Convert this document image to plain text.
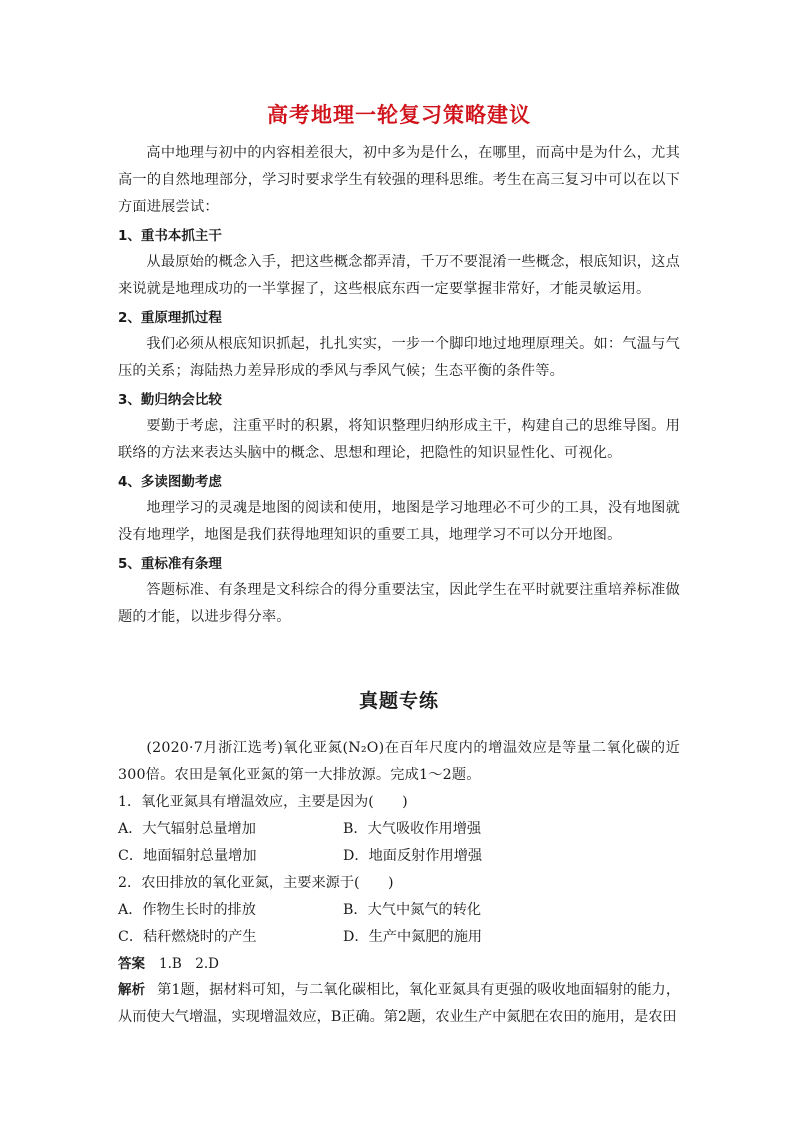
高考地理一轮复习策略建议

高中地理与初中的内容相差很大，初中多为是什么，在哪里，而高中是为什么，尤其高一的自然地理部分，学习时要求学生有较强的理科思维。考生在高三复习中可以在以下方面进展尝试：

1、重书本抓主干

从最原始的概念入手，把这些概念都弄清，千万不要混淆一些概念，根底知识，这点来说就是地理成功的一半掌握了，这些根底东西一定要掌握非常好，才能灵敏运用。

2、重原理抓过程

我们必须从根底知识抓起，扎扎实实，一步一个脚印地过地理原理关。如：气温与气压的关系；海陆热力差异形成的季风与季风气候；生态平衡的条件等。

3、勤归纳会比较

要勤于考虑，注重平时的积累，将知识整理归纳形成主干，构建自己的思维导图。用联络的方法来表达头脑中的概念、思想和理论，把隐性的知识显性化、可视化。

4、多读图勤考虑

地理学习的灵魂是地图的阅读和使用，地图是学习地理必不可少的工具，没有地图就没有地理学，地图是我们获得地理知识的重要工具，地理学习不可以分开地图。

5、重标准有条理

答题标准、有条理是文科综合的得分重要法宝，因此学生在平时就要注重培养标准做题的才能，以进步得分率。

真题专练

(2020·7月浙江选考)氧化亚氮(N₂O)在百年尺度内的增温效应是等量二氧化碳的近300倍。农田是氧化亚氮的第一大排放源。完成1～2题。

1．氧化亚氮具有增温效应，主要是因为(　　)

A．大气辐射总量增加	B．大气吸收作用增强
C．地面辐射总量增加	D．地面反射作用增强

2．农田排放的氧化亚氮，主要来源于(　　)

A．作物生长时的排放	B．大气中氮气的转化
C．秸秆燃烧时的产生	D．生产中氮肥的施用

答案 1.B　2.D

解析 第1题，据材料可知，与二氧化碳相比，氧化亚氮具有更强的吸收地面辐射的能力，从而使大气增温，实现增温效应，B正确。第2题，农业生产中氮肥在农田的施用，是农田
